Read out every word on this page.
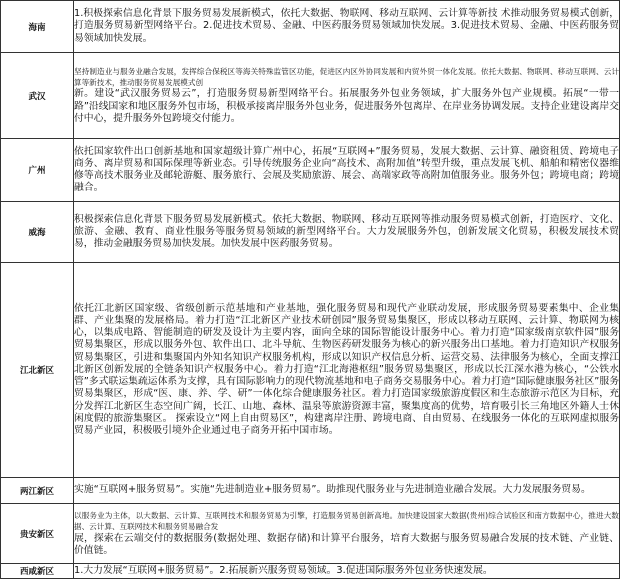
海南	1.积极探索信息化背景下服务贸易发展新模式，依托大数据、物联网、移动互联网、云计算等新技 术推动服务贸易模式创新，打造服务贸易新型网络平台。2.促进技术贸易、金融、中医药服务贸易领域加快发展。3.促进技术贸易、金融、中医药服务贸易领域加快发展。

武汉	坚持制造业与服务业融合发展，发挥综合保税区等海关特殊监管区功能，促进区内区外协同发展和内贸外贸一体化发展。依托大数据、物联网、移动互联网、云计算等新技术，推动服务贸易发展模式创
新。建设“武汉服务贸易云”，打造服务贸易新型网络平台。拓展服务外包业务领域，扩大服务外包产业规模。拓展“一带一路”沿线国家和地区服务外包市场，积极承接离岸服务外包业务，促进服务外包离岸、在岸业务协调发展。支持企业建设离岸交付中心，提升服务外包跨境交付能力。

广州	依托国家软件出口创新基地和国家超级计算广州中心，拓展“互联网+”服务贸易，发展大数据、云计算、融资租赁、跨境电子商务、离岸贸易和国际保理等新业态。引导传统服务企业向“高技术、高附加值”转型升级，重点发展飞机、船舶和精密仪器维修等高技术服务业及邮轮游艇、服务旅行、会展及奖励旅游、展会、高端家政等高附加值服务业。服务外包；跨境电商；跨境融合。

威海	积极探索信息化背景下服务贸易发展新模式。依托大数据、物联网、移动互联网等推动服务贸易模式创新，打造医疗、文化、旅游、金融、教育、商业性服务等服务贸易领域的新型网络平台。大力发展服务外包，创新发展文化贸易，积极发展技术贸易，推动金融服务贸易加快发展。加快发展中医药服务贸易。

江北新区	依托江北新区国家级、省级创新示范基地和产业基地，强化服务贸易和现代产业联动发展，形成服务贸易要素集中、企业集群、产业集聚的发展格局。着力打造“江北新区产业技术研创园”服务贸易集聚区，形成以移动互联网、云计算、物联网为核心，以集成电路、智能制造的研发及设计为主要内容，面向全球的国际智能设计服务中心。着力打造“国家级南京软件园”服务贸易集聚区，形成以服务外包、软件出口、北斗导航、生物医药研发服务为核心的新兴服务出口基地。着力打造知识产权服务贸易集聚区，引进和集聚国内外知名知识产权服务机构，形成以知识产权信息分析、运营交易、法律服务为核心，全面支撑江北新区创新发展的全链条知识产权服务中心。着力打造“江北海港枢纽”服务贸易集聚区，形成以长江深水港为核心，“公铁水管”多式联运集疏运体系为支撑，具有国际影响力的现代物流基地和电子商务交易服务中心。着力打造“国际健康服务社区”服务贸易集聚区，形成“医、康、养、学、研”一体化综合健康服务社区。着力打造国家级旅游度假区和生态旅游示范区为目标，充分发挥江北新区生态空间广阔，长江、山地、森林、温泉等旅游资源丰富，聚集度高的优势，培育吸引长三角地区外籍人士休闲度假的旅游集聚区。 探索设立“网上自由贸易区”，构建离岸注册、跨境电商、自由贸易、在线服务一体化的互联网虚拟服务贸易产业园，积极吸引境外企业通过电子商务开拓中国市场。

两江新区	实施“互联网+服务贸易”。实施“先进制造业+服务贸易”。助推现代服务业与先进制造业融合发展。大力发展服务贸易。

贵安新区	以服务业为主体，以大数据、云计算、互联网技术和服务贸易为引擎，打造服务贸易创新高地。加快建设国家大数据(贵州)综合试验区和南方数据中心，推进大数据、云计算、互联网技术和服务贸易融合发
展，探索在云端交付的数据服务(数据处理、数据存储)和计算平台服务，培育大数据与服务贸易融合发展的技术链、产业链、价值链。

西咸新区	1.大力发展“互联网+服务贸易”。2.拓展新兴服务贸易领域。3.促进国际服务外包业务快速发展。
